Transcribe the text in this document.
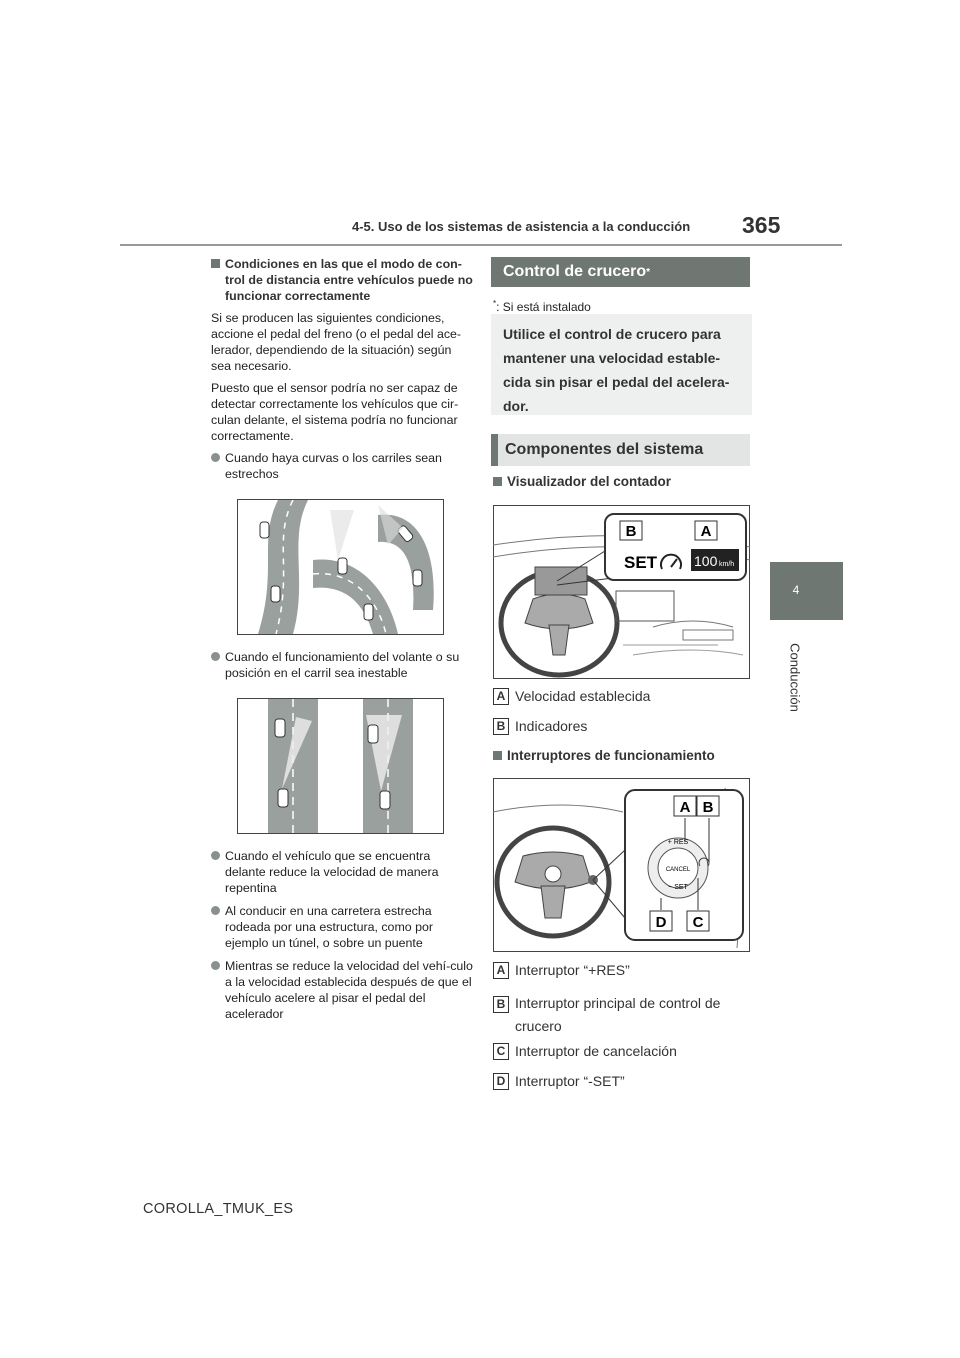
4-5. Uso de los sistemas de asistencia a la conducción 365
4
Conducción
Condiciones en las que el modo de con-trol de distancia entre vehículos puede no funcionar correctamente

Si se producen las siguientes condiciones, accione el pedal del freno (o el pedal del ace-lerador, dependiendo de la situación) según sea necesario.

Puesto que el sensor podría no ser capaz de detectar correctamente los vehículos que cir-culan delante, el sistema podría no funcionar correctamente.

Cuando haya curvas o los carriles sean estrechos
Cuando el funcionamiento del volante o su posición en el carril sea inestable
Cuando el vehículo que se encuentra delante reduce la velocidad de manera repentina
Al conducir en una carretera estrecha rodeada por una estructura, como por ejemplo un túnel, o sobre un puente
Mientras se reduce la velocidad del vehí-culo a la velocidad establecida después de que el vehículo acelere al pisar el pedal del acelerador
Control de crucero *
*: Si está instalado
Utilice el control de crucero para mantener una velocidad estable-cida sin pisar el pedal del acelera-dor.
Componentes del sistema
Visualizador del contador
B	A
SET	100 km/h
A Velocidad establecida
B Indicadores
Interruptores de funcionamiento
+ RES
CANCEL
− SET
A B
D C
A Interruptor “+RES”
B Interruptor principal de control de crucero
C Interruptor de cancelación
D Interruptor “-SET”
COROLLA_TMUK_ES
